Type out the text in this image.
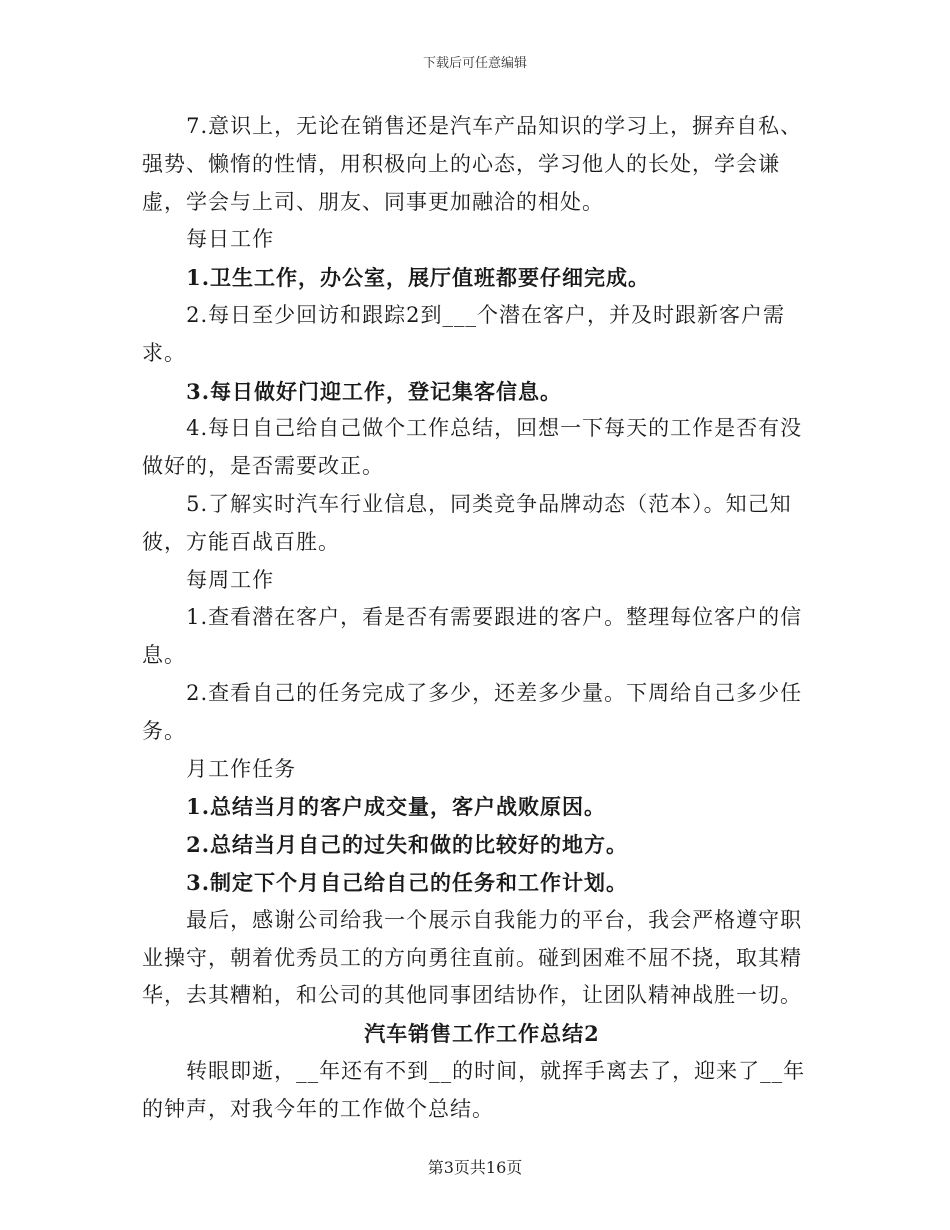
下载后可任意编辑

7.意识上，无论在销售还是汽车产品知识的学习上，摒弃自私、强势、懒惰的性情，用积极向上的心态，学习他人的长处，学会谦虚，学会与上司、朋友、同事更加融洽的相处。

每日工作

1.卫生工作，办公室，展厅值班都要仔细完成。

2.每日至少回访和跟踪2到___个潜在客户，并及时跟新客户需求。

3.每日做好门迎工作，登记集客信息。

4.每日自己给自己做个工作总结，回想一下每天的工作是否有没做好的，是否需要改正。

5.了解实时汽车行业信息，同类竞争品牌动态（范本）。知己知彼，方能百战百胜。

每周工作

1.查看潜在客户，看是否有需要跟进的客户。整理每位客户的信息。

2.查看自己的任务完成了多少，还差多少量。下周给自己多少任务。

月工作任务

1.总结当月的客户成交量，客户战败原因。

2.总结当月自己的过失和做的比较好的地方。

3.制定下个月自己给自己的任务和工作计划。

最后，感谢公司给我一个展示自我能力的平台，我会严格遵守职业操守，朝着优秀员工的方向勇往直前。碰到困难不屈不挠，取其精华，去其糟粕，和公司的其他同事团结协作，让团队精神战胜一切。

汽车销售工作工作总结2

转眼即逝，__年还有不到__的时间，就挥手离去了，迎来了__年的钟声，对我今年的工作做个总结。

第3页共16页
